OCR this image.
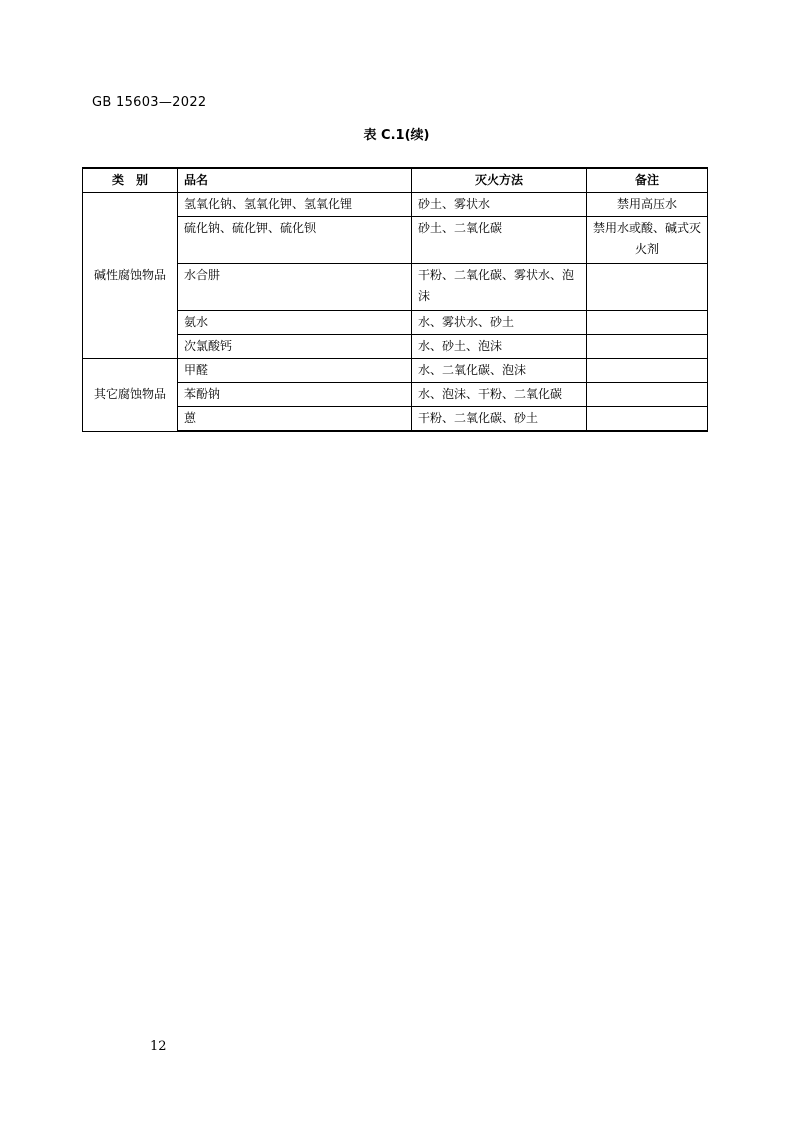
GB 15603—2022
表 C.1(续)
类　别	品名	灭火方法	备注
碱性腐蚀物品	氢氧化钠、氢氧化钾、氢氧化锂	砂土、雾状水	禁用高压水
	硫化钠、硫化钾、硫化钡	砂土、二氧化碳	禁用水或酸、碱式灭火剂
	水合肼	干粉、二氧化碳、雾状水、泡沫	
	氨水	水、雾状水、砂土	
	次氯酸钙	水、砂土、泡沫	
其它腐蚀物品	甲醛	水、二氧化碳、泡沫	
	苯酚钠	水、泡沫、干粉、二氧化碳	
	蒽	干粉、二氧化碳、砂土	
12
